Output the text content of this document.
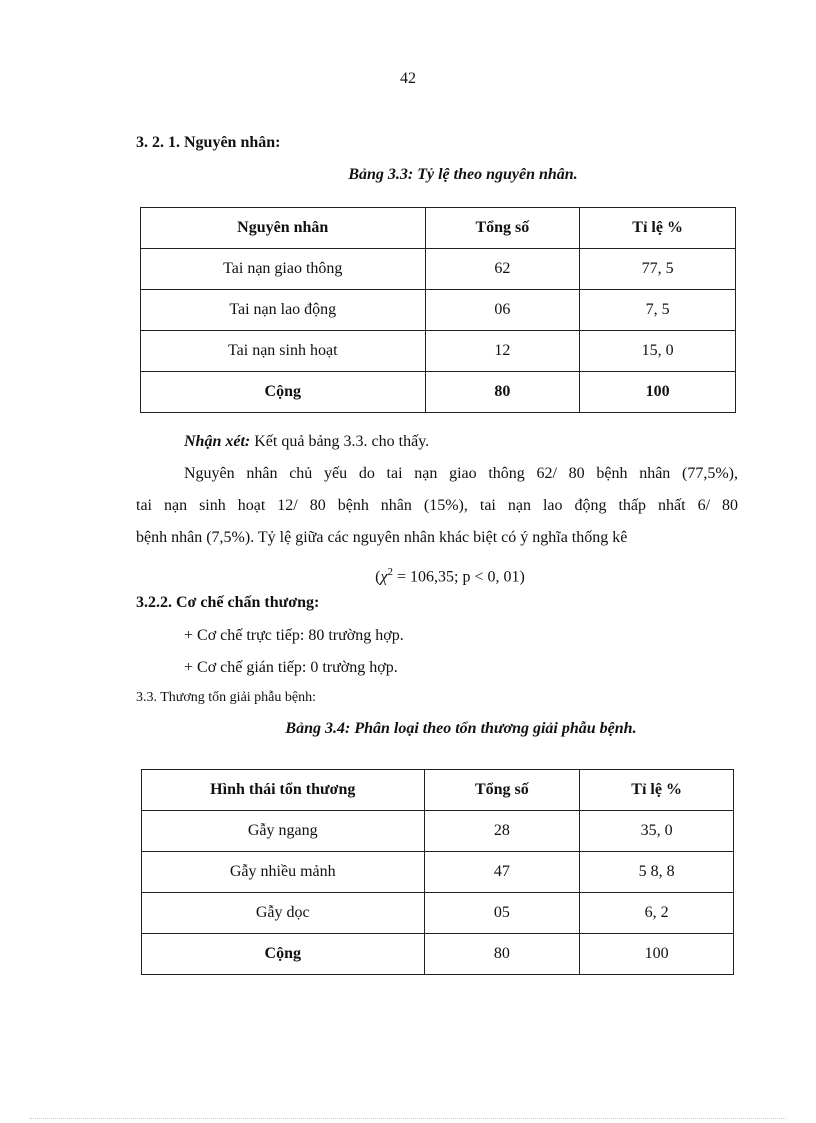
42
3. 2. 1. Nguyên nhân:
Bảng 3.3: Tỷ lệ theo nguyên nhân.
Nguyên nhân	Tổng số	Tỉ lệ %
Tai nạn giao thông	62	77, 5
Tai nạn lao động	06	7, 5
Tai nạn sinh hoạt	12	15, 0
Cộng	80	100
Nhận xét: Kết quả bảng 3.3. cho thấy.
Nguyên nhân chủ yếu do tai nạn giao thông 62/ 80 bệnh nhân (77,5%),
tai nạn sinh hoạt 12/ 80 bệnh nhân (15%), tai nạn lao động thấp nhất 6/ 80
bệnh nhân (7,5%). Tỷ lệ giữa các nguyên nhân khác biệt có ý nghĩa thống kê
($\chi^2 = 106,35$; p < 0, 01)
3.2.2. Cơ chế chấn thương:
+ Cơ chế trực tiếp: 80 trường hợp.
+ Cơ chế gián tiếp: 0 trường hợp.
3.3. Thương tổn giải phẫu bệnh:
Bảng 3.4: Phân loại theo tổn thương giải phẫu bệnh.
Hình thái tổn thương	Tổng số	Tỉ lệ %
Gẫy ngang	28	35, 0
Gẫy nhiều mảnh	47	5 8, 8
Gẫy dọc	05	6, 2
Cộng	80	100
